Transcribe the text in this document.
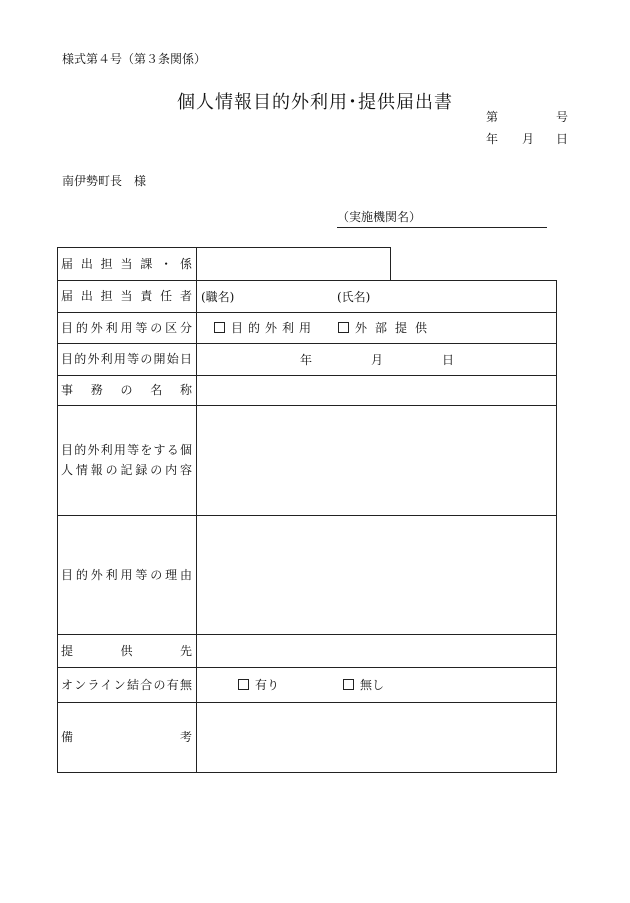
様式第４号（第３条関係）
個人情報目的外利用･提供届出書
第	号
年 月 日
南伊勢町長　様
（実施機関名）
届出担当課・係
届出担当責任者 (職名)	(氏名)
目的外利用等の区分	目的外利用	外部提供
目的外利用等の開始日	年	月	日
事務の名称
目的外利用等をする個人情報の記録の内容
目的外利用等の理由
提供先
オンライン結合の有無	有り	無し
備考
